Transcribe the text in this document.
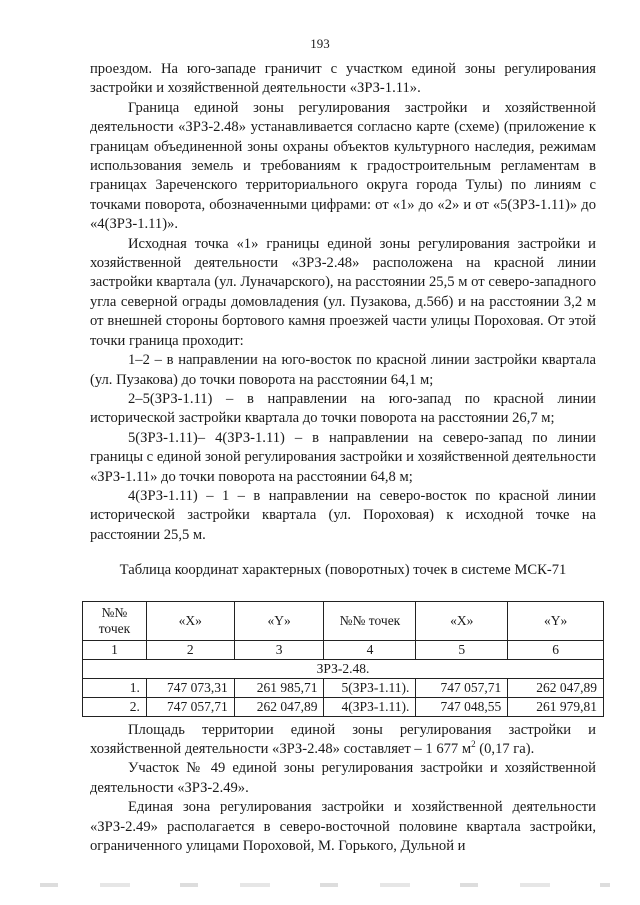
193

проездом. На юго-западе граничит с участком единой зоны регулирования застройки и хозяйственной деятельности «ЗРЗ-1.11».

Граница единой зоны регулирования застройки и хозяйственной деятельности «ЗРЗ-2.48» устанавливается согласно карте (схеме) (приложение к границам объединенной зоны охраны объектов культурного наследия, режимам использования земель и требованиям к градостроительным регламентам в границах Зареченского территориального округа города Тулы) по линиям с точками поворота, обозначенными цифрами: от «1» до «2» и от «5(ЗРЗ-1.11)» до «4(ЗРЗ-1.11)».

Исходная точка «1» границы единой зоны регулирования застройки и хозяйственной деятельности «ЗРЗ-2.48» расположена на красной линии застройки квартала (ул. Луначарского), на расстоянии 25,5 м от северо-западного угла северной ограды домовладения (ул. Пузакова, д.56б) и на расстоянии 3,2 м от внешней стороны бортового камня проезжей части улицы Пороховая. От этой точки граница проходит:

1–2 – в направлении на юго-восток по красной линии застройки квартала (ул. Пузакова) до точки поворота на расстоянии 64,1 м;

2–5(ЗРЗ-1.11) – в направлении на юго-запад по красной линии исторической застройки квартала до точки поворота на расстоянии 26,7 м;

5(ЗРЗ-1.11)– 4(ЗРЗ-1.11) – в направлении на северо-запад по линии границы с единой зоной регулирования застройки и хозяйственной деятельности «ЗРЗ-1.11» до точки поворота на расстоянии 64,8 м;

4(ЗРЗ-1.11) – 1 – в направлении на северо-восток по красной линии исторической застройки квартала (ул. Пороховая) к исходной точке на расстоянии 25,5 м.

Таблица координат характерных (поворотных) точек в системе МСК-71
№№ точек	«X»	«Y»	№№ точек	«X»	«Y»
1	2	3	4	5	6
ЗРЗ-2.48.					
1.	747 073,31	261 985,71	5(ЗРЗ-1.11).	747 057,71	262 047,89
2.	747 057,71	262 047,89	4(ЗРЗ-1.11).	747 048,55	261 979,81

Площадь территории единой зоны регулирования застройки и хозяйственной деятельности «ЗРЗ-2.48» составляет – 1 677 $м^2$ (0,17 га).

Участок № 49 единой зоны регулирования застройки и хозяйственной деятельности «ЗРЗ-2.49».

Единая зона регулирования застройки и хозяйственной деятельности «ЗРЗ-2.49» располагается в северо-восточной половине квартала застройки, ограниченного улицами Пороховой, М. Горького, Дульной и
